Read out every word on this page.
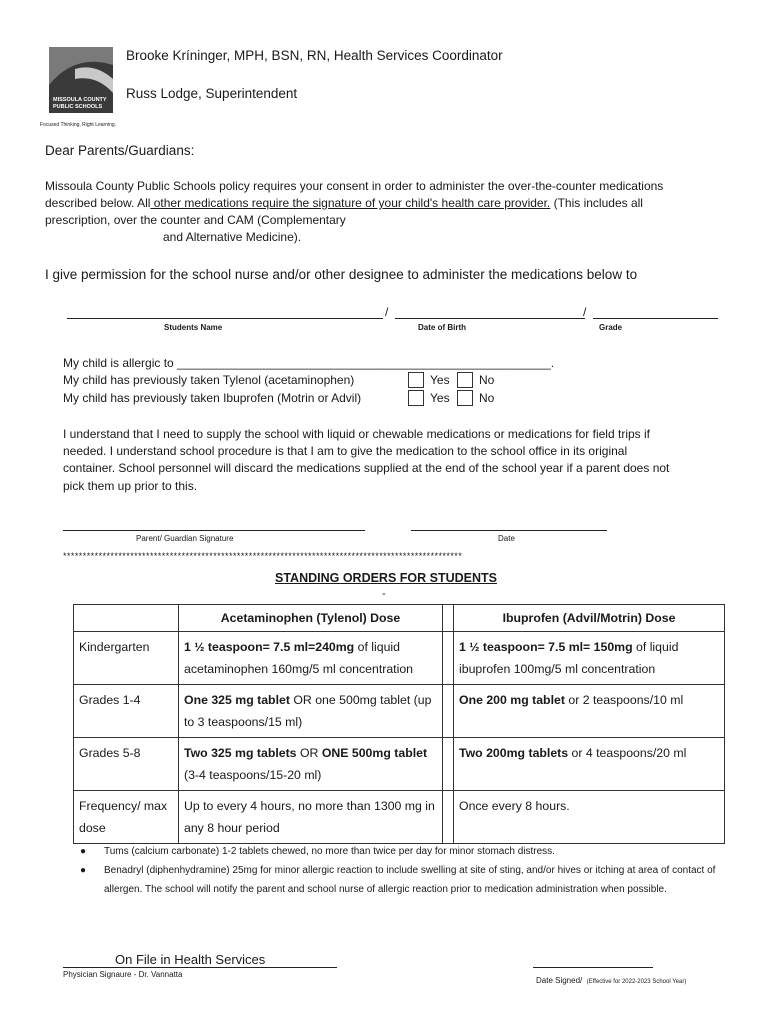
MISSOULA COUNTY
PUBLIC SCHOOLS
Focused Thinking, Right Learning.
Brooke Kríninger, MPH, BSN, RN, Health Services Coordinator
Russ Lodge, Superintendent
Dear Parents/Guardians:
Missoula County Public Schools policy requires your consent in order to administer the over-the-counter medications
described below. All other medications require the signature of your child's health care provider. (This includes all
prescription, over the counter and CAM (Complementary
and Alternative Medicine).
I give permission for the school nurse and/or other designee to administer the medications below to
/	/
Students Name	Date of Birth	Grade
My child is allergic to ________________________________________________________.
My child has previously taken Tylenol (acetaminophen)	Yes No
My child has previously taken Ibuprofen (Motrin or Advil)	Yes No
I understand that I need to supply the school with liquid or chewable medications or medications for field trips if
needed. I understand school procedure is that I am to give the medication to the school office in its original
container. School personnel will discard the medications supplied at the end of the school year if a parent does not
pick them up prior to this.
Parent/ Guardian Signature	Date
*****************************************************************************************************
STANDING ORDERS FOR STUDENTS
-
	Acetaminophen (Tylenol) Dose		Ibuprofen (Advil/Motrin) Dose
Kindergarten	1 ½ teaspoon= 7.5 ml=240mg of liquid acetaminophen 160mg/5 ml concentration		1 ½ teaspoon= 7.5 ml= 150mg of liquid ibuprofen 100mg/5 ml concentration
Grades 1-4	One 325 mg tablet OR one 500mg tablet (up to 3 teaspoons/15 ml)		One 200 mg tablet or 2 teaspoons/10 ml
Grades 5-8	Two 325 mg tablets OR ONE 500mg tablet (3-4 teaspoons/15-20 ml)		Two 200mg tablets or 4 teaspoons/20 ml
Frequency/ max dose	Up to every 4 hours, no more than 1300 mg in any 8 hour period		Once every 8 hours.
● Tums (calcium carbonate) 1-2 tablets chewed, no more than twice per day for minor stomach distress.
● Benadryl (diphenhydramine) 25mg for minor allergic reaction to include swelling at site of sting, and/or hives or itching at area of contact of allergen. The school will notify the parent and school nurse of allergic reaction prior to medication administration when possible.
On File in Health Services
Physician Signaure - Dr. Vannatta
Date Signed/ (Effective for 2022-2023 School Year)
